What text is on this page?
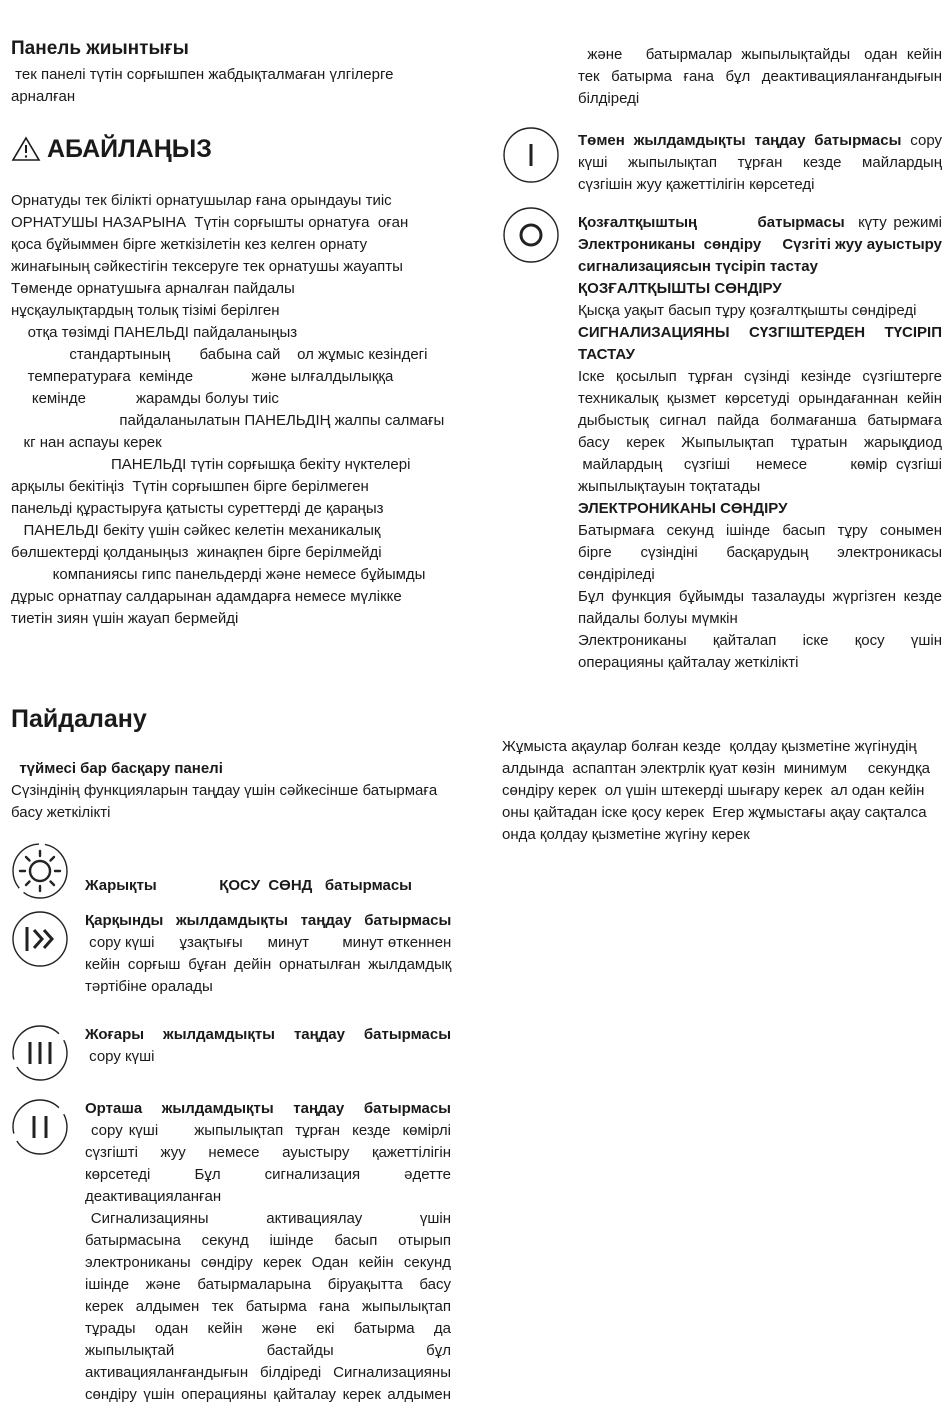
Панель жиынтығы
тек панелі түтін сорғышпен жабдықталмаған үлгілерге
арналған
АБАЙЛАҢЫЗ

Орнатуды тек білікті орнатушылар ғана орындауы тиіс
ОРНАТУШЫ НАЗАРЫНА  Түтін сорғышты орнатуға  оған
қоса бұйыммен бірге жеткізілетін кез келген орнату
жинағының сәйкестігін тексеруге тек орнатушы жауапты
Төменде орнатушыға арналған пайдалы
нұсқаулықтардың толық тізімі берілген
отқа төзімді ПАНЕЛЬДІ пайдаланыңыз
стандартының       бабына сай    ол жұмыс кезіндегі
температураға  кемінде              және ылғалдылыққа
кемінде            жарамды болуы тиіс
пайдаланылатын ПАНЕЛЬДІҢ жалпы салмағы
кг нан аспауы керек
ПАНЕЛЬДІ түтін сорғышқа бекіту нүктелері
арқылы бекітіңіз  Түтін сорғышпен бірге берілмеген
панельді құрастыруға қатысты суреттерді де қараңыз
ПАНЕЛЬДІ бекіту үшін сәйкес келетін механикалық
бөлшектерді қолданыңыз  жинақпен бірге берілмейді
компаниясы гипс панельдерді және немесе бұйымды
дұрыс орнатпау салдарынан адамдарға немесе мүлікке
тиетін зиян үшін жауап бермейді

Пайдалану
түймесі бар басқару панелі
Сүзіндінің функцияларын таңдау үшін сәйкесінше батырмаға
басу жеткілікті
Жарықты               ҚОСУ  СӨНД   батырмасы
Қарқынды жылдамдықты таңдау батырмасы
сору күші      ұзақтығы      минут        минут өткеннен
кейін сорғыш бұған дейін орнатылған жылдамдық
тәртібіне оралады
Жоғары жылдамдықты таңдау батырмасы
сору күші
Орташа жылдамдықты таңдау батырмасы
сору күші      жыпылықтап  тұрған  кезде  көмірлі
сүзгішті жуу немесе ауыстыру қажеттілігін
көрсетеді Бұл сигнализация әдетте
деактивацияланған
Сигнализацияны          активациялау          үшін
батырмасына секунд ішінде басып отырып
электрониканы сөндіру керек Одан кейін секунд
ішінде және батырмаларына біруақытта басу
керек алдымен тек батырма ғана жыпылықтап
тұрады одан кейін және екі батырма да
жыпылықтай бастайды бұл
активацияланғандығын білдіреді Сигнализацияны
сөндіру үшін операцияны қайталау керек алдымен
және     батырмалар  жыпылықтайды   одан  кейін
тек батырма ғана бұл деактивацияланғандығын
білдіреді
Төмен жылдамдықты таңдау батырмасы сору
күші жыпылықтап тұрған кезде майлардың
сүзгішін жуу қажеттілігін көрсетеді
Қозғалтқыштың         батырмасы  күту режимі
Электрониканы  сөндіру     Сүзгіті жуу ауыстыру
сигнализациясын түсіріп тастау
ҚОЗҒАЛТҚЫШТЫ СӨНДІРУ
Қысқа уақыт басып тұру қозғалтқышты сөндіреді
СИГНАЛИЗАЦИЯНЫ СҮЗГІШТЕРДЕН ТҮСІРІП
ТАСТАУ
Іске қосылып тұрған сүзінді кезінде сүзгіштерге
техникалық қызмет көрсетуді орындағаннан кейін
дыбыстық сигнал пайда болмағанша батырмаға
басу керек Жыпылықтап тұратын жарықдиод
майлардың     сүзгіші      немесе          көмір  сүзгіші
жыпылықтауын тоқтатады
ЭЛЕКТРОНИКАНЫ СӨНДІРУ
Батырмаға секунд ішінде басып тұру сонымен
бірге сүзіндіні басқарудың электроникасы
сөндіріледі
Бұл функция бұйымды тазалауды жүргізген кезде
пайдалы болуы мүмкін
Электрониканы қайталап іске қосу үшін
операцияны қайталау жеткілікті
Жұмыста ақаулар болған кезде  қолдау қызметіне жүгінудің
алдында  аспаптан электрлік қуат көзін  минимум     секундқа
сөндіру керек  ол үшін штекерді шығару керек  ал одан кейін
оны қайтадан іске қосу керек  Егер жұмыстағы ақау сақталса
онда қолдау қызметіне жүгіну керек
